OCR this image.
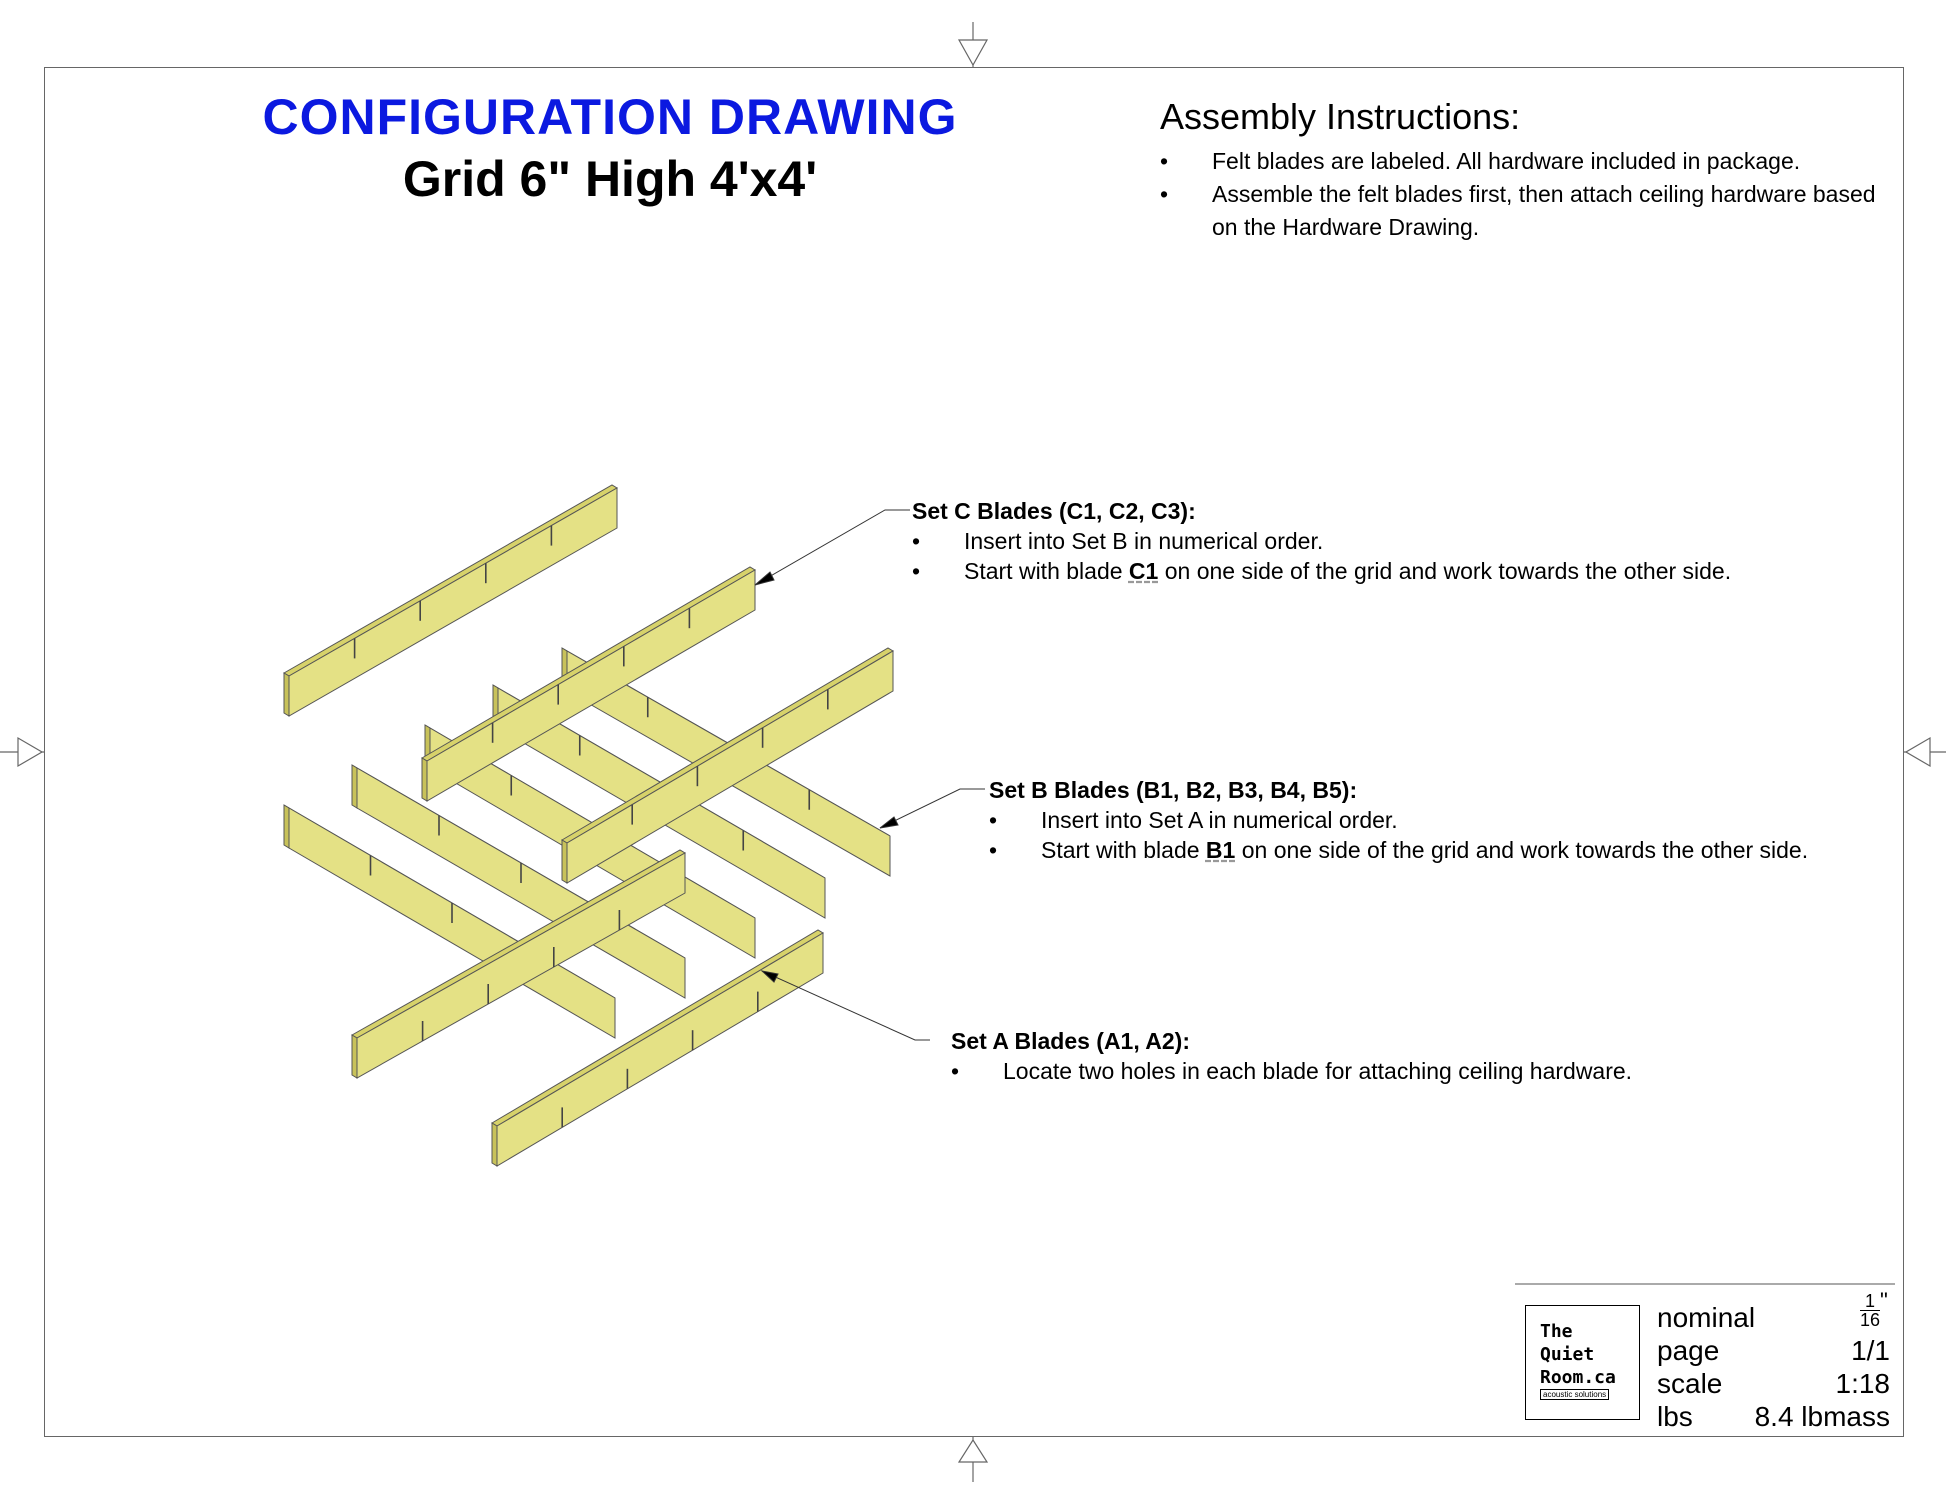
CONFIGURATION DRAWING
Grid 6" High 4'x4'
Assembly Instructions:
• Felt blades are labeled. All hardware included in package.
• Assemble the felt blades first, then attach ceiling hardware based on the Hardware Drawing.
Set C Blades (C1, C2, C3):
• Insert into Set B in numerical order.
• Start with blade C1 on one side of the grid and work towards the other side.
Set B Blades (B1, B2, B3, B4, B5):
• Insert into Set A in numerical order.
• Start with blade B1 on one side of the grid and work towards the other side.
Set A Blades (A1, A2):
• Locate two holes in each blade for attaching ceiling hardware.
The
Quiet
Room.ca
acoustic solutions
nominal	$\frac{1}{16}$ "
page	1/1
scale	1:18
lbs 8.4 lbmass
